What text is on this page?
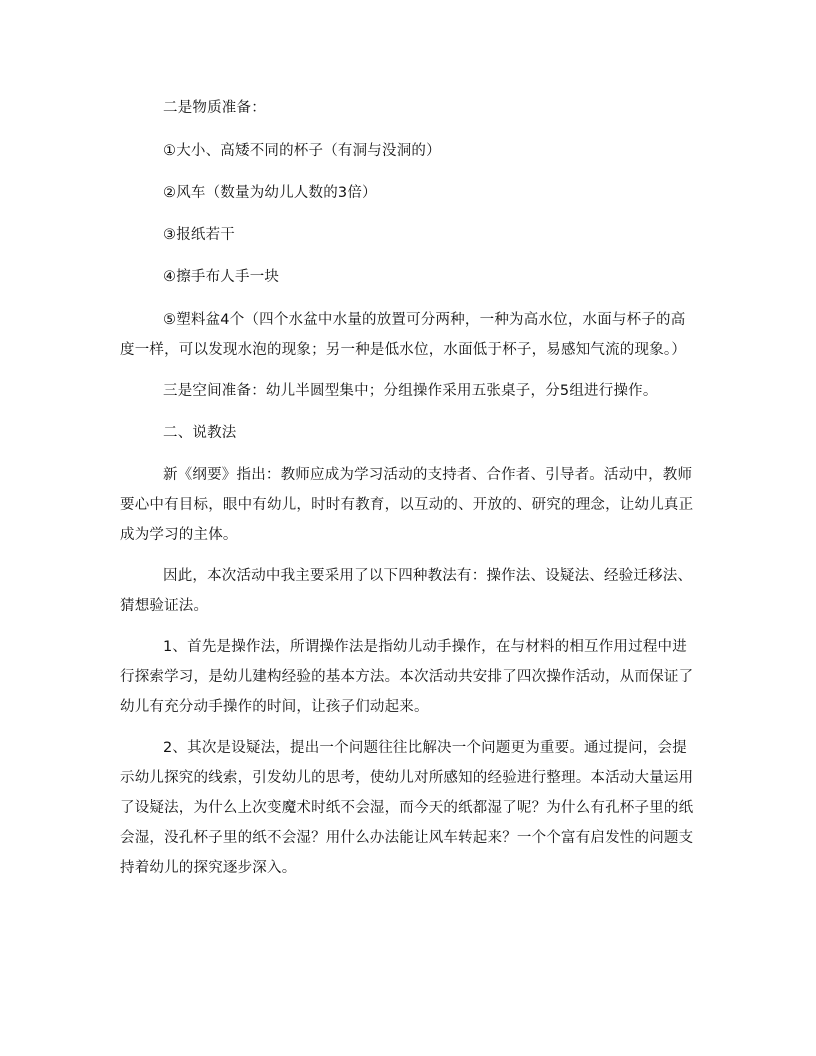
二是物质准备：

①大小、高矮不同的杯子（有洞与没洞的）

②风车（数量为幼儿人数的3倍）

③报纸若干

④擦手布人手一块

⑤塑料盆4个（四个水盆中水量的放置可分两种，一种为高水位，水面与杯子的高度一样，可以发现水泡的现象；另一种是低水位，水面低于杯子，易感知气流的现象。）

三是空间准备：幼儿半圆型集中；分组操作采用五张桌子，分5组进行操作。

二、说教法

新《纲要》指出：教师应成为学习活动的支持者、合作者、引导者。活动中，教师要心中有目标，眼中有幼儿，时时有教育，以互动的、开放的、研究的理念，让幼儿真正成为学习的主体。

因此，本次活动中我主要采用了以下四种教法有：操作法、设疑法、经验迁移法、猜想验证法。

1、首先是操作法，所谓操作法是指幼儿动手操作，在与材料的相互作用过程中进行探索学习，是幼儿建构经验的基本方法。本次活动共安排了四次操作活动，从而保证了幼儿有充分动手操作的时间，让孩子们动起来。

2、其次是设疑法，提出一个问题往往比解决一个问题更为重要。通过提问，会提示幼儿探究的线索，引发幼儿的思考，使幼儿对所感知的经验进行整理。本活动大量运用了设疑法，为什么上次变魔术时纸不会湿，而今天的纸都湿了呢？为什么有孔杯子里的纸会湿，没孔杯子里的纸不会湿？用什么办法能让风车转起来？一个个富有启发性的问题支持着幼儿的探究逐步深入。
